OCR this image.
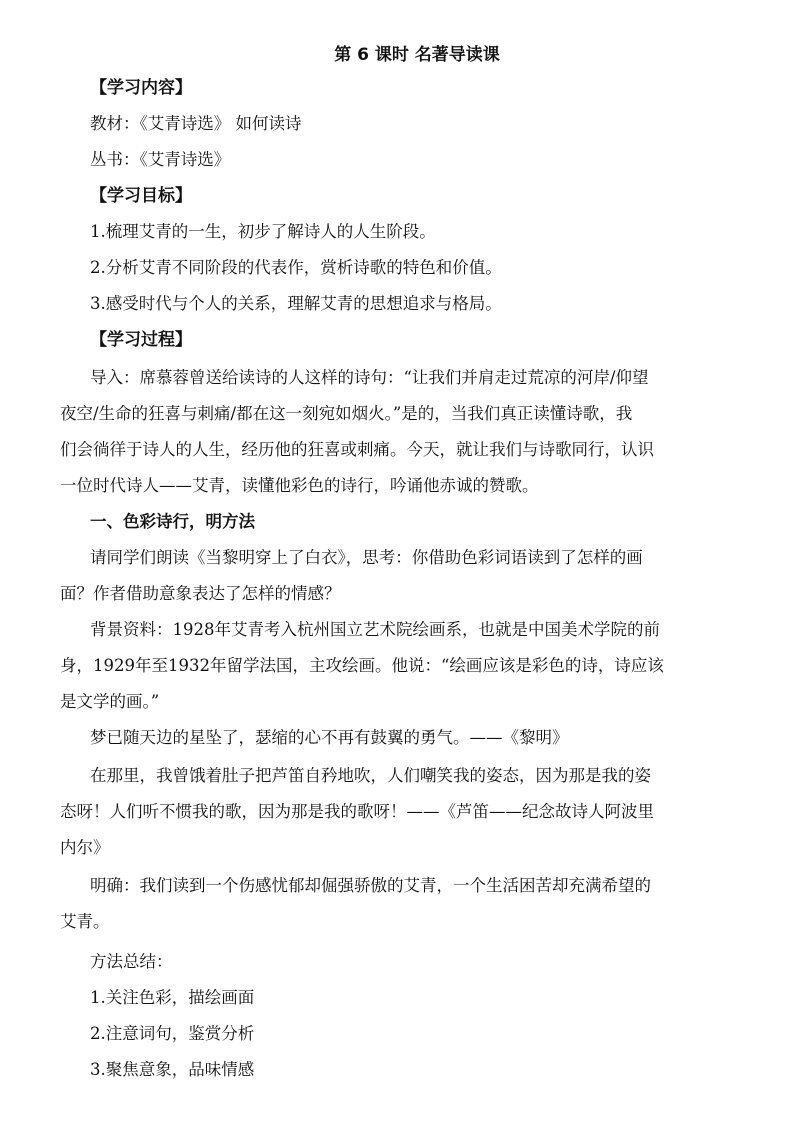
第 6 课时 名著导读课
【学习内容】
教材：《艾青诗选》 如何读诗
丛书：《艾青诗选》
【学习目标】
1.梳理艾青的一生，初步了解诗人的人生阶段。
2.分析艾青不同阶段的代表作，赏析诗歌的特色和价值。
3.感受时代与个人的关系，理解艾青的思想追求与格局。
【学习过程】
导入：席慕蓉曾送给读诗的人这样的诗句：“让我们并肩走过荒凉的河岸/仰望
夜空/生命的狂喜与刺痛/都在这一刻宛如烟火。”是的，当我们真正读懂诗歌，我
们会徜徉于诗人的人生，经历他的狂喜或刺痛。今天，就让我们与诗歌同行，认识
一位时代诗人——艾青，读懂他彩色的诗行，吟诵他赤诚的赞歌。
一、色彩诗行，明方法
请同学们朗读《当黎明穿上了白衣》，思考：你借助色彩词语读到了怎样的画
面？作者借助意象表达了怎样的情感？
背景资料：1928年艾青考入杭州国立艺术院绘画系，也就是中国美术学院的前
身，1929年至1932年留学法国，主攻绘画。他说：“绘画应该是彩色的诗，诗应该
是文学的画。”
梦已随天边的星坠了，瑟缩的心不再有鼓翼的勇气。——《黎明》
在那里，我曾饿着肚子把芦笛自矜地吹，人们嘲笑我的姿态，因为那是我的姿
态呀！人们听不惯我的歌，因为那是我的歌呀！——《芦笛——纪念故诗人阿波里
内尔》
明确：我们读到一个伤感忧郁却倔强骄傲的艾青，一个生活困苦却充满希望的
艾青。
方法总结：
1.关注色彩，描绘画面
2.注意词句，鉴赏分析
3.聚焦意象，品味情感
